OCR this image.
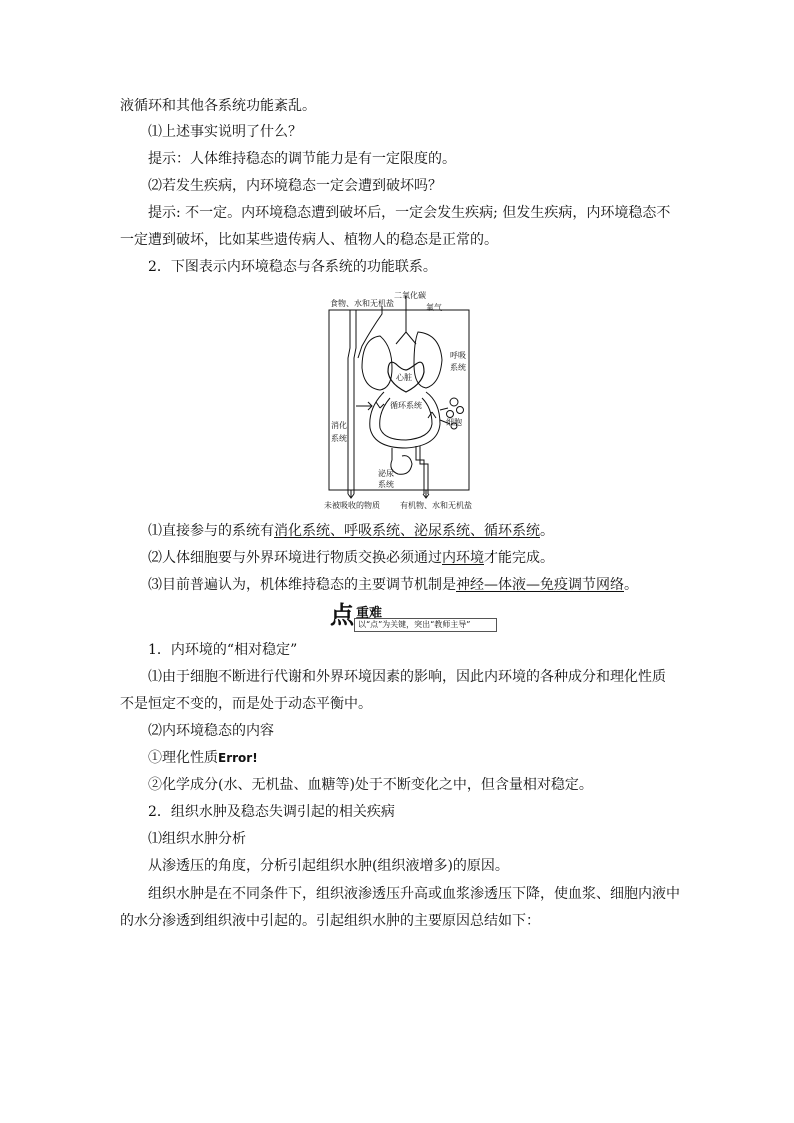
液循环和其他各系统功能紊乱。
⑴上述事实说明了什么？
提示：人体维持稳态的调节能力是有一定限度的。
⑵若发生疾病，内环境稳态一定会遭到破坏吗？
提示: 不一定。内环境稳态遭到破坏后，一定会发生疾病; 但发生疾病，内环境稳态不
一定遭到破坏，比如某些遗传病人、植物人的稳态是正常的。
2．下图表示内环境稳态与各系统的功能联系。
二氧化碳
食物、水和无机盐	氧气
心脏
呼吸
系统
循环系统
细胞
消化
系统
泌尿
系统
未被吸收的物质	有机物、水和无机盐
⑴直接参与的系统有消化系统、呼吸系统、泌尿系统、循环系统。
⑵人体细胞要与外界环境进行物质交换必须通过内环境才能完成。
⑶目前普遍认为，机体维持稳态的主要调节机制是神经—体液—免疫调节网络。
点 重难
以“点”为关键，突出“教师主导”
1．内环境的“相对稳定”
⑴由于细胞不断进行代谢和外界环境因素的影响，因此内环境的各种成分和理化性质
不是恒定不变的，而是处于动态平衡中。
⑵内环境稳态的内容
①理化性质Error!
②化学成分(水、无机盐、血糖等)处于不断变化之中，但含量相对稳定。
2．组织水肿及稳态失调引起的相关疾病
⑴组织水肿分析
从渗透压的角度，分析引起组织水肿(组织液增多)的原因。
组织水肿是在不同条件下，组织液渗透压升高或血浆渗透压下降，使血浆、细胞内液中
的水分渗透到组织液中引起的。引起组织水肿的主要原因总结如下：
